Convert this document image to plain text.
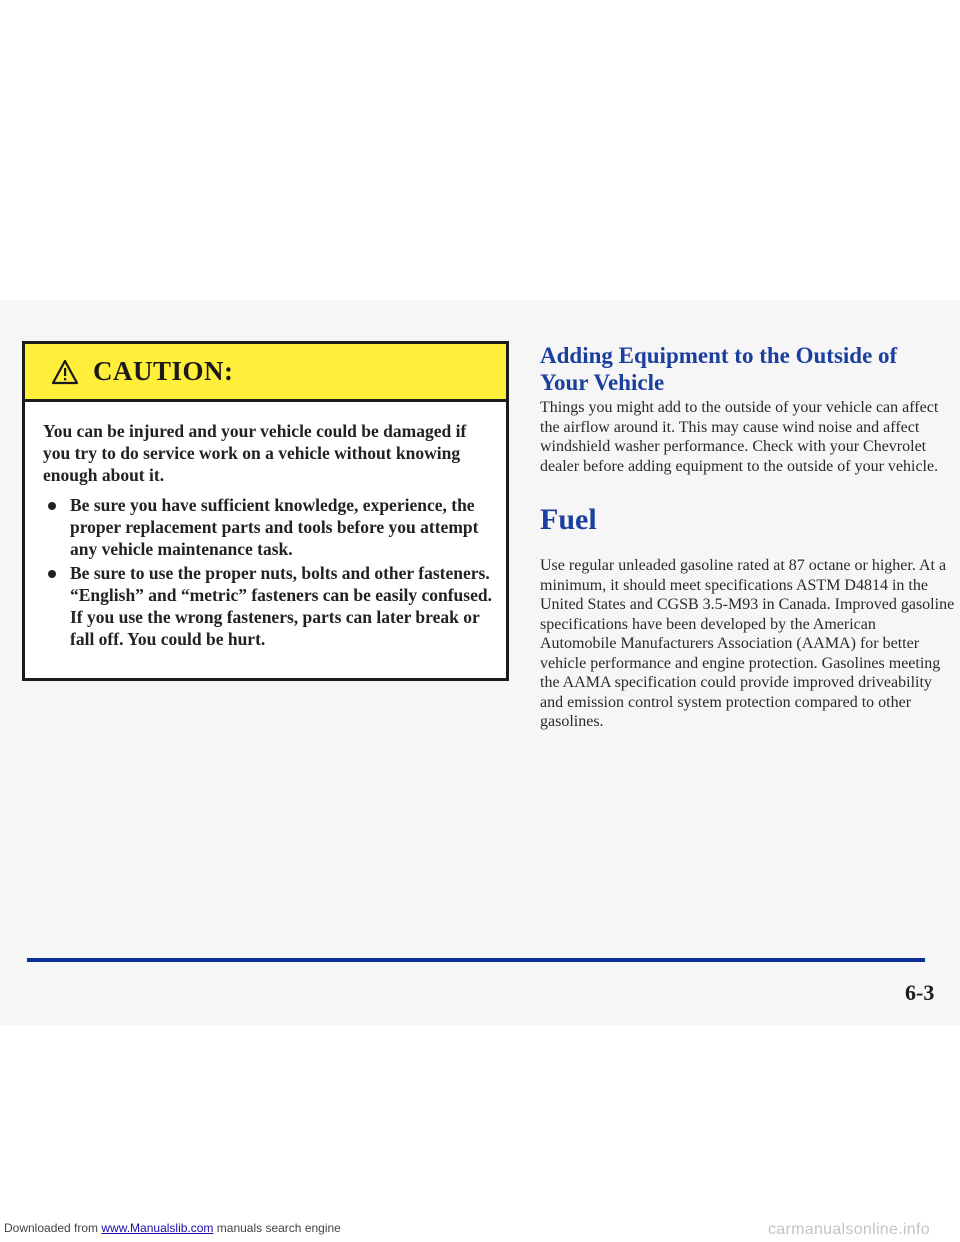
CAUTION:

You can be injured and your vehicle could be damaged if you try to do service work on a vehicle without knowing enough about it.

Be sure you have sufficient knowledge, experience, the proper replacement parts and tools before you attempt any vehicle maintenance task.
Be sure to use the proper nuts, bolts and other fasteners. “English” and “metric” fasteners can be easily confused. If you use the wrong fasteners, parts can later break or fall off. You could be hurt.
Adding Equipment to the Outside of Your Vehicle

Things you might add to the outside of your vehicle can affect the airflow around it. This may cause wind noise and affect windshield washer performance. Check with your Chevrolet dealer before adding equipment to the outside of your vehicle.

Fuel

Use regular unleaded gasoline rated at 87 octane or higher. At a minimum, it should meet specifications ASTM D4814 in the United States and CGSB 3.5-M93 in Canada. Improved gasoline specifications have been developed by the American Automobile Manufacturers Association (AAMA) for better vehicle performance and engine protection. Gasolines meeting the AAMA specification could provide improved driveability and emission control system protection compared to other gasolines.

6-3
Downloaded from www.Manualslib.com manuals search engine	carmanualsonline.info
